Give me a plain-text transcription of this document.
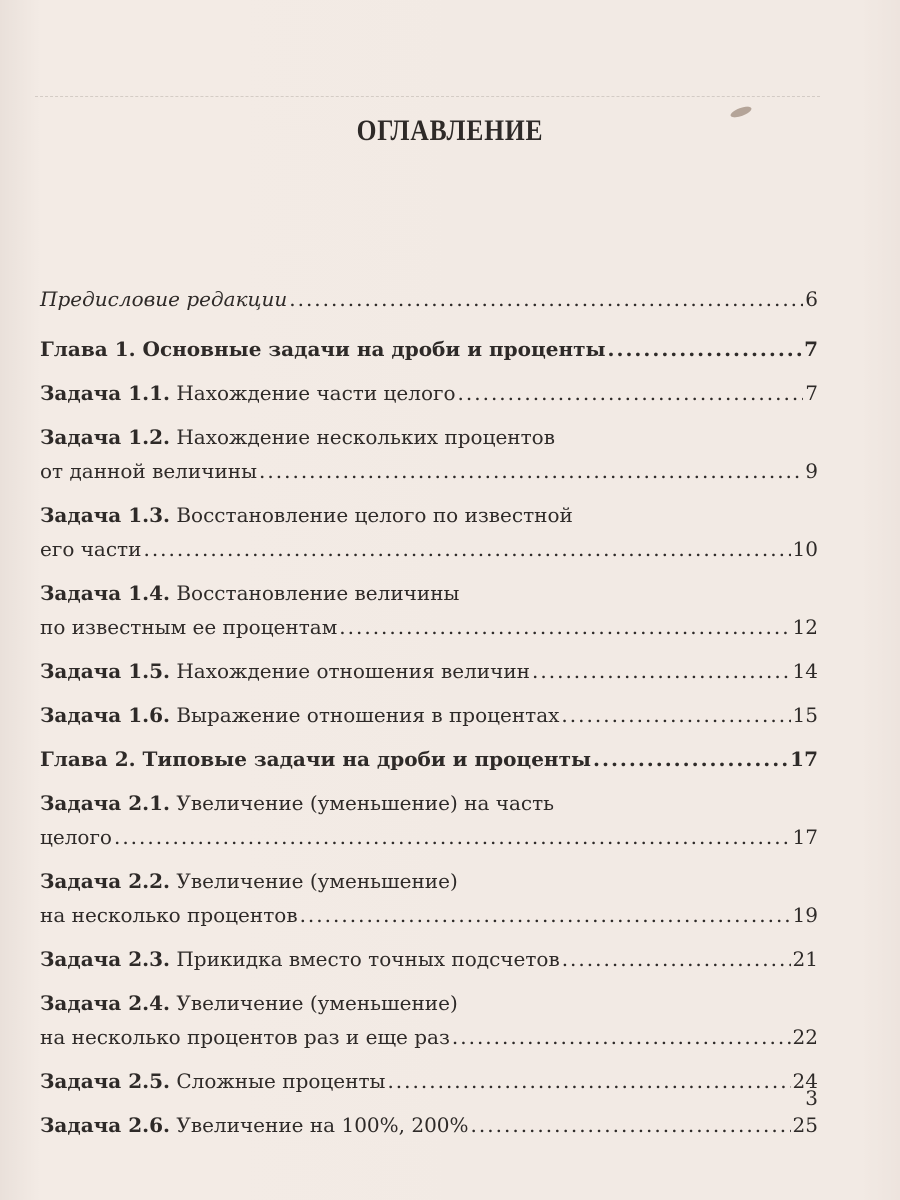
ОГЛАВЛЕНИЕ
Предисловие редакции .....	6
Глава 1. Основные задачи на дроби и проценты .....	7
Задача 1.1. Нахождение части целого .....	7
Задача 1.2. Нахождение нескольких процентов
от данной величины .....	9
Задача 1.3. Восстановление целого по известной
его части .....	10
Задача 1.4. Восстановление величины
по известным ее процентам .....	12
Задача 1.5. Нахождение отношения величин .....	14
Задача 1.6. Выражение отношения в процентах .....	15
Глава 2. Типовые задачи на дроби и проценты .....	17
Задача 2.1. Увеличение (уменьшение) на часть
целого .....	17
Задача 2.2. Увеличение (уменьшение)
на несколько процентов .....	19
Задача 2.3. Прикидка вместо точных подсчетов .....	21
Задача 2.4. Увеличение (уменьшение)
на несколько процентов раз и еще раз .....	22
Задача 2.5. Сложные проценты .....	24
Задача 2.6. Увеличение на 100%, 200% .....	25
3
